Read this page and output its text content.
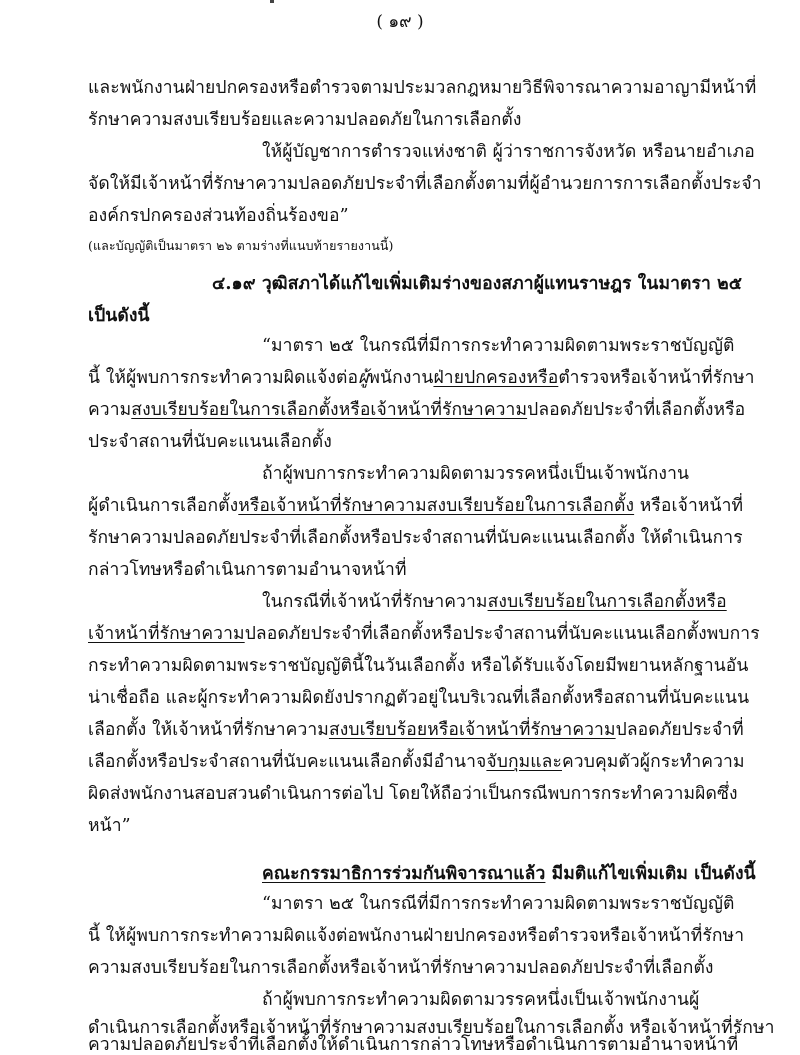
( ๑๙ )
และพนักงานฝ่ายปกครองหรือตำรวจตามประมวลกฎหมายวิธีพิจารณาความอาญามีหน้าที่
รักษาความสงบเรียบร้อยและความปลอดภัยในการเลือกตั้ง
ให้ผู้บัญชาการตำรวจแห่งชาติ ผู้ว่าราชการจังหวัด หรือนายอำเภอ
จัดให้มีเจ้าหน้าที่รักษาความปลอดภัยประจำที่เลือกตั้งตามที่ผู้อำนวยการการเลือกตั้งประจำ
องค์กรปกครองส่วนท้องถิ่นร้องขอ”
(และบัญญัติเป็นมาตรา ๒๖ ตามร่างที่แนบท้ายรายงานนี้)
๔.๑๙ วุฒิสภาได้แก้ไขเพิ่มเติมร่างของสภาผู้แทนราษฎร ในมาตรา ๒๕
เป็นดังนี้
“มาตรา ๒๕ ในกรณีที่มีการกระทำความผิดตามพระราชบัญญัติ
นี้ ให้ผู้พบการกระทำความผิดแจ้งต่อผู้พนักงานฝ่ายปกครองหรือตำรวจหรือเจ้าหน้าที่รักษา
ความสงบเรียบร้อยในการเลือกตั้งหรือเจ้าหน้าที่รักษาความปลอดภัยประจำที่เลือกตั้งหรือ
ประจำสถานที่นับคะแนนเลือกตั้ง
ถ้าผู้พบการกระทำความผิดตามวรรคหนึ่งเป็นเจ้าพนักงาน
ผู้ดำเนินการเลือกตั้งหรือเจ้าหน้าที่รักษาความสงบเรียบร้อยในการเลือกตั้ง หรือเจ้าหน้าที่
รักษาความปลอดภัยประจำที่เลือกตั้งหรือประจำสถานที่นับคะแนนเลือกตั้ง ให้ดำเนินการ
กล่าวโทษหรือดำเนินการตามอำนาจหน้าที่
ในกรณีที่เจ้าหน้าที่รักษาความสงบเรียบร้อยในการเลือกตั้งหรือ
เจ้าหน้าที่รักษาความปลอดภัยประจำที่เลือกตั้งหรือประจำสถานที่นับคะแนนเลือกตั้งพบการ
กระทำความผิดตามพระราชบัญญัตินี้ในวันเลือกตั้ง หรือได้รับแจ้งโดยมีพยานหลักฐานอัน
น่าเชื่อถือ และผู้กระทำความผิดยังปรากฏตัวอยู่ในบริเวณที่เลือกตั้งหรือสถานที่นับคะแนน
เลือกตั้ง ให้เจ้าหน้าที่รักษาความสงบเรียบร้อยหรือเจ้าหน้าที่รักษาความปลอดภัยประจำที่
เลือกตั้งหรือประจำสถานที่นับคะแนนเลือกตั้งมีอำนาจจับกุมและควบคุมตัวผู้กระทำความ
ผิดส่งพนักงานสอบสวนดำเนินการต่อไป โดยให้ถือว่าเป็นกรณีพบการกระทำความผิดซึ่ง
หน้า”
คณะกรรมาธิการร่วมกันพิจารณาแล้ว มีมติแก้ไขเพิ่มเติม เป็นดังนี้
“มาตรา ๒๕ ในกรณีที่มีการกระทำความผิดตามพระราชบัญญัติ
นี้ ให้ผู้พบการกระทำความผิดแจ้งต่อพนักงานฝ่ายปกครองหรือตำรวจหรือเจ้าหน้าที่รักษา
ความสงบเรียบร้อยในการเลือกตั้งหรือเจ้าหน้าที่รักษาความปลอดภัยประจำที่เลือกตั้ง
ถ้าผู้พบการกระทำความผิดตามวรรคหนึ่งเป็นเจ้าพนักงานผู้
ดำเนินการเลือกตั้งหรือเจ้าหน้าที่รักษาความสงบเรียบร้อยในการเลือกตั้ง หรือเจ้าหน้าที่รักษา
ความปลอดภัยประจำที่เลือกตั้งให้ดำเนินการกล่าวโทษหรือดำเนินการตามอำนาจหน้าที่
